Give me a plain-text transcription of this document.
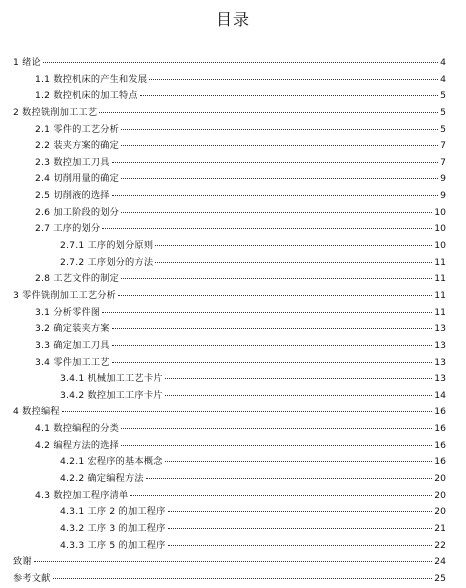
目录
1 绪论	4
1.1 数控机床的产生和发展	4
1.2 数控机床的加工特点	5
2 数控铣削加工工艺	5
2.1 零件的工艺分析	5
2.2 装夹方案的确定	7
2.3 数控加工刀具	7
2.4 切削用量的确定	9
2.5 切削液的选择	9
2.6 加工阶段的划分	10
2.7 工序的划分	10
2.7.1 工序的划分原则	10
2.7.2 工序划分的方法	11
2.8 工艺文件的制定	11
3 零件铣削加工工艺分析	11
3.1 分析零件图	11
3.2 确定装夹方案	13
3.3 确定加工刀具	13
3.4 零件加工工艺	13
3.4.1 机械加工工艺卡片	13
3.4.2 数控加工工序卡片	14
4 数控编程	16
4.1 数控编程的分类	16
4.2 编程方法的选择	16
4.2.1 宏程序的基本概念	16
4.2.2 确定编程方法	20
4.3 数控加工程序清单	20
4.3.1 工序 2 的加工程序	20
4.3.2 工序 3 的加工程序	21
4.3.3 工序 5 的加工程序	22
致谢	24
参考文献	25
